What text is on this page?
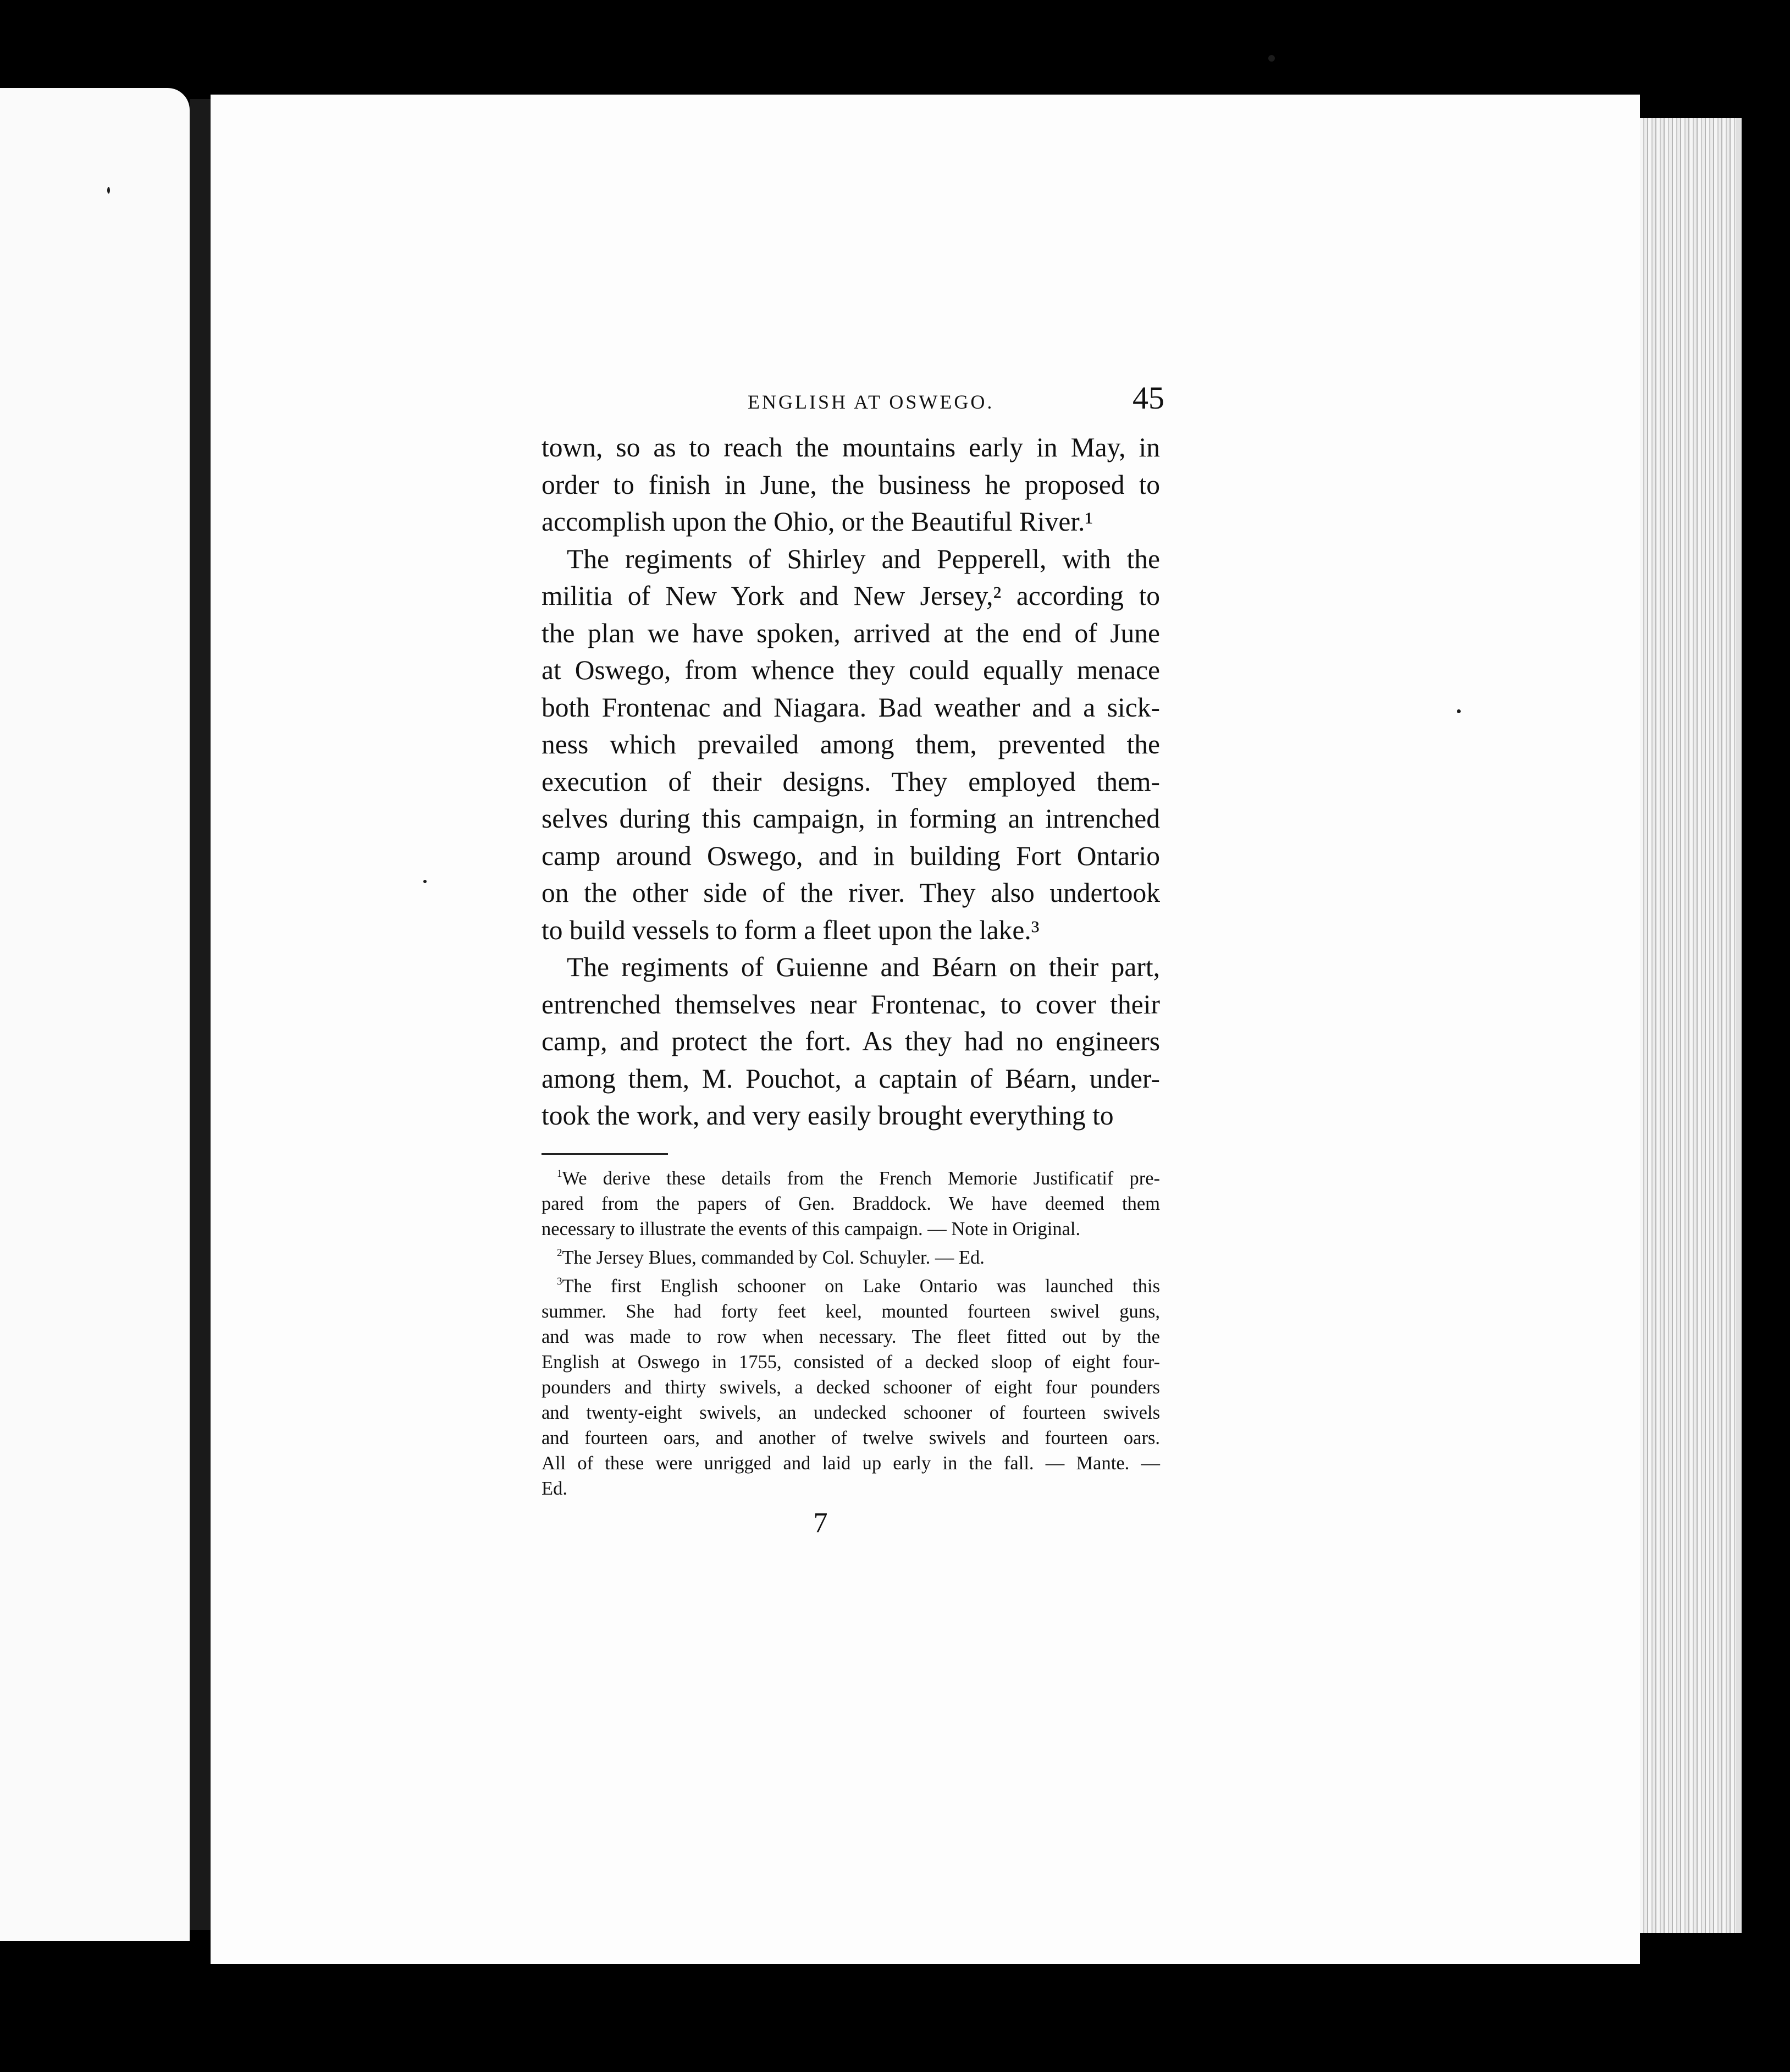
ENGLISH AT OSWEGO.	45

town, so as to reach the mountains early in May, in
order to finish in June, the business he proposed to
accomplish upon the Ohio, or the Beautiful River.¹

The regiments of Shirley and Pepperell, with the
militia of New York and New Jersey,² according to
the plan we have spoken, arrived at the end of June
at Oswego, from whence they could equally menace
both Frontenac and Niagara. Bad weather and a sick-
ness which prevailed among them, prevented the
execution of their designs. They employed them-
selves during this campaign, in forming an intrenched
camp around Oswego, and in building Fort Ontario
on the other side of the river. They also undertook
to build vessels to form a fleet upon the lake.³

The regiments of Guienne and Béarn on their part,
entrenched themselves near Frontenac, to cover their
camp, and protect the fort. As they had no engineers
among them, M. Pouchot, a captain of Béarn, under-
took the work, and very easily brought everything to

$^1$We derive these details from the French Memorie Justificatif pre-
pared from the papers of Gen. Braddock. We have deemed them
necessary to illustrate the events of this campaign. — Note in Original.
$^2$The Jersey Blues, commanded by Col. Schuyler. — Ed.
$^3$The first English schooner on Lake Ontario was launched this
summer. She had forty feet keel, mounted fourteen swivel guns,
and was made to row when necessary. The fleet fitted out by the
English at Oswego in 1755, consisted of a decked sloop of eight four-
pounders and thirty swivels, a decked schooner of eight four pounders
and twenty-eight swivels, an undecked schooner of fourteen swivels
and fourteen oars, and another of twelve swivels and fourteen oars.
All of these were unrigged and laid up early in the fall. — Mante. —
Ed.
7
